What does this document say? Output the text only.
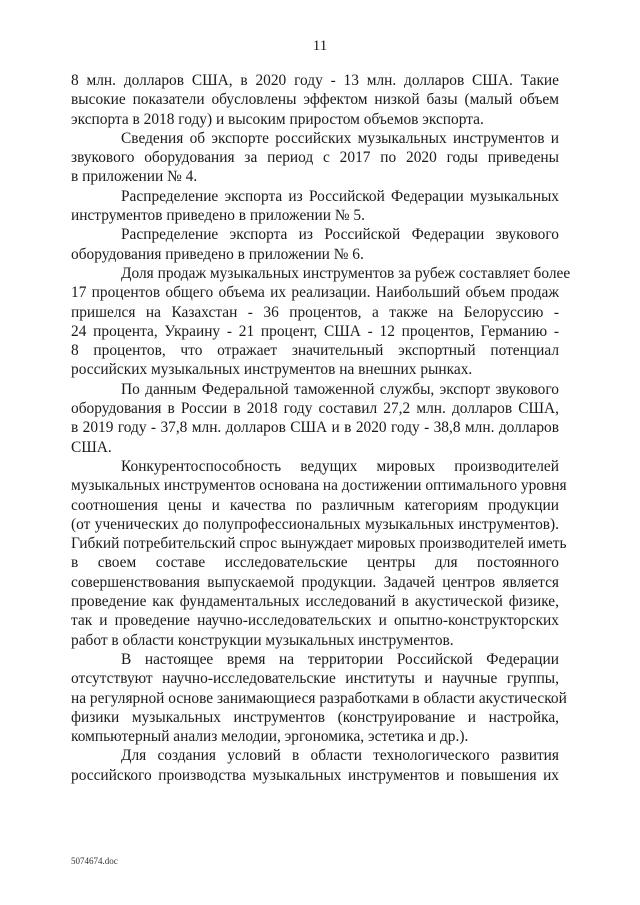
11
8 млн. долларов США, в 2020 году - 13 млн. долларов США. Такие
высокие показатели обусловлены эффектом низкой базы (малый объем
экспорта в 2018 году) и высоким приростом объемов экспорта.
Сведения об экспорте российских музыкальных инструментов и
звукового оборудования за период с 2017 по 2020 годы приведены
в приложении № 4.
Распределение экспорта из Российской Федерации музыкальных
инструментов приведено в приложении № 5.
Распределение экспорта из Российской Федерации звукового
оборудования приведено в приложении № 6.
Доля продаж музыкальных инструментов за рубеж составляет более
17 процентов общего объема их реализации. Наибольший объем продаж
пришелся на Казахстан - 36 процентов, а также на Белоруссию -
24 процента, Украину - 21 процент, США - 12 процентов, Германию -
8 процентов, что отражает значительный экспортный потенциал
российских музыкальных инструментов на внешних рынках.
По данным Федеральной таможенной службы, экспорт звукового
оборудования в России в 2018 году составил 27,2 млн. долларов США,
в 2019 году - 37,8 млн. долларов США и в 2020 году - 38,8 млн. долларов
США.
Конкурентоспособность ведущих мировых производителей
музыкальных инструментов основана на достижении оптимального уровня
соотношения цены и качества по различным категориям продукции
(от ученических до полупрофессиональных музыкальных инструментов).
Гибкий потребительский спрос вынуждает мировых производителей иметь
в своем составе исследовательские центры для постоянного
совершенствования выпускаемой продукции. Задачей центров является
проведение как фундаментальных исследований в акустической физике,
так и проведение научно-исследовательских и опытно-конструкторских
работ в области конструкции музыкальных инструментов.
В настоящее время на территории Российской Федерации
отсутствуют научно-исследовательские институты и научные группы,
на регулярной основе занимающиеся разработками в области акустической
физики музыкальных инструментов (конструирование и настройка,
компьютерный анализ мелодии, эргономика, эстетика и др.).
Для создания условий в области технологического развития
российского производства музыкальных инструментов и повышения их
5074674.doc
